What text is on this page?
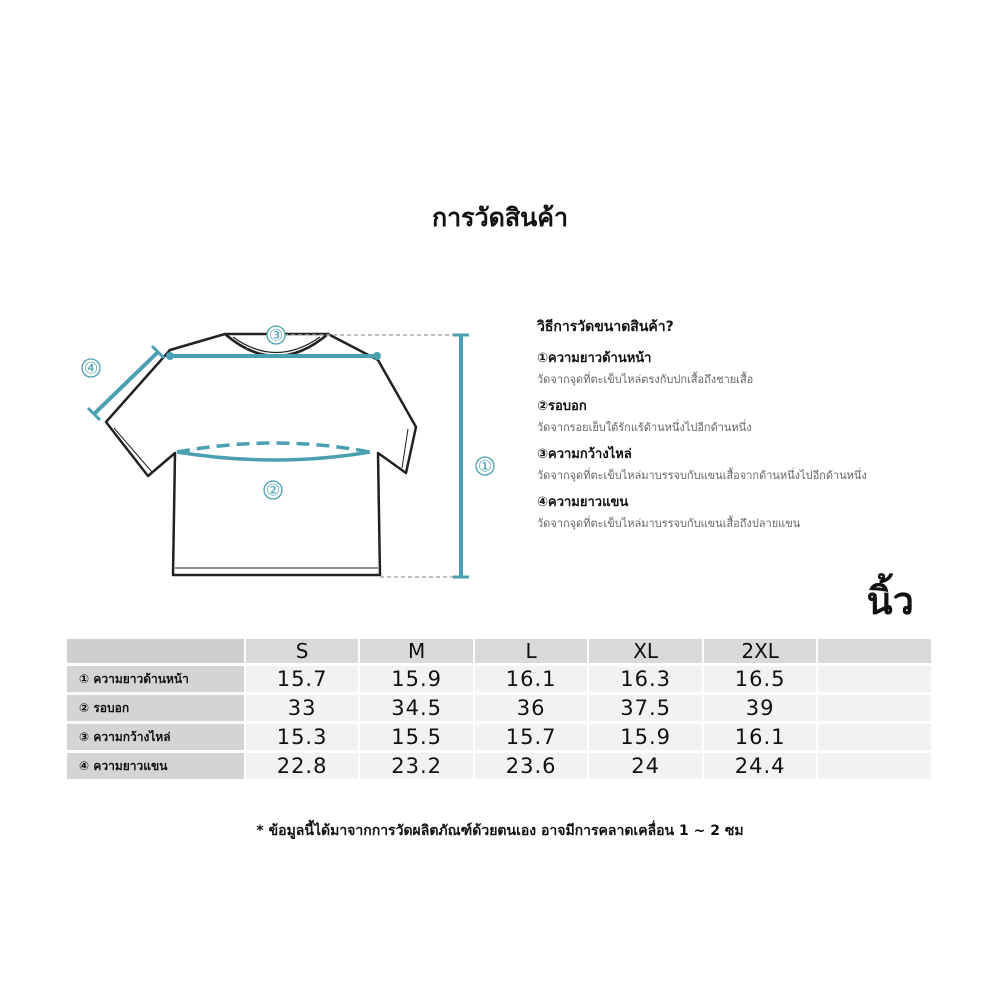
การวัดสินค้า
③
④
②
①
วิธีการวัดขนาดสินค้า?
①ความยาวด้านหน้า
วัดจากจุดที่ตะเข็บไหล่ตรงกับปกเสื้อถึงชายเสื้อ
②รอบอก
วัดจากรอยเย็บใต้รักแร้ด้านหนึ่งไปอีกด้านหนึ่ง
③ความกว้างไหล่
วัดจากจุดที่ตะเข็บไหล่มาบรรจบกับแขนเสื้อจากด้านหนึ่งไปอีกด้านหนึ่ง
④ความยาวแขน
วัดจากจุดที่ตะเข็บไหล่มาบรรจบกับแขนเสื้อถึงปลายแขน
นิ้ว
	S	M	L	XL	2XL	
① ความยาวด้านหน้า	15.7	15.9	16.1	16.3	16.5	
② รอบอก	33	34.5	36	37.5	39	
③ ความกว้างไหล่	15.3	15.5	15.7	15.9	16.1	
④ ความยาวแขน	22.8	23.2	23.6	24	24.4	
* ข้อมูลนี้ได้มาจากการวัดผลิตภัณฑ์ด้วยตนเอง อาจมีการคลาดเคลื่อน 1 ~ 2 ซม
